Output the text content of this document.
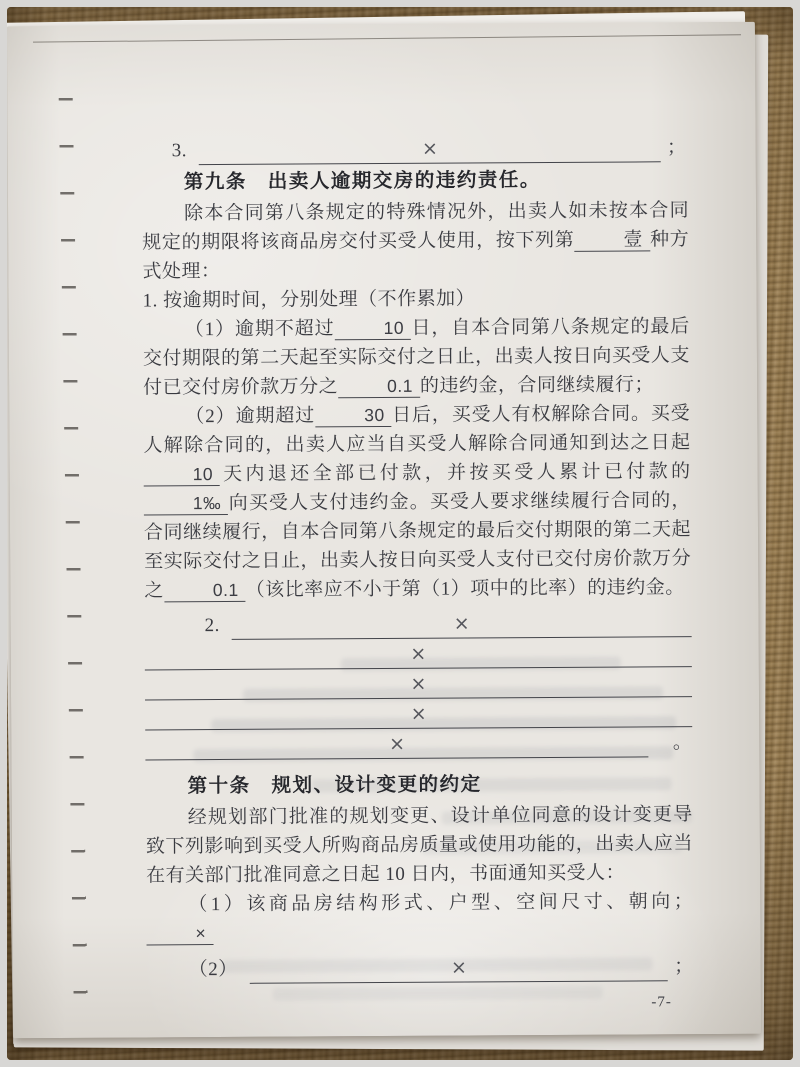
3.	×	；
第九条　出卖人逾期交房的违约责任。

除本合同第八条规定的特殊情况外，出卖人如未按本合同规定的期限将该商品房交付买受人使用，按下列第	壹 种方式处理：

1. 按逾期时间，分别处理（不作累加）

（1）逾期不超过	10 日，自本合同第八条规定的最后交付期限的第二天起至实际交付之日止，出卖人按日向买受人支付已交付房价款万分之	0.1 的违约金，合同继续履行；

（2）逾期超过	30 日后，买受人有权解除合同。买受人解除合同的，出卖人应当自买受人解除合同通知到达之日起10 天内退还全部已付款，并按买受人累计已付款的1‰ 向买受人支付违约金。买受人要求继续履行合同的，合同继续履行，自本合同第八条规定的最后交付期限的第二天起至实际交付之日止，出卖人按日向买受人支付已交付房价款万分之	0.1 （该比率应不小于第（1）项中的比率）的违约金。

2.	×
×
×
×
×	。
第十条　规划、设计变更的约定

经规划部门批准的规划变更、设计单位同意的设计变更导致下列影响到买受人所购商品房质量或使用功能的，出卖人应当在有关部门批准同意之日起 10 日内，书面通知买受人：

（1）该商品房结构形式、户型、空间尺寸、朝向；×

（2）	×	；
-7-
